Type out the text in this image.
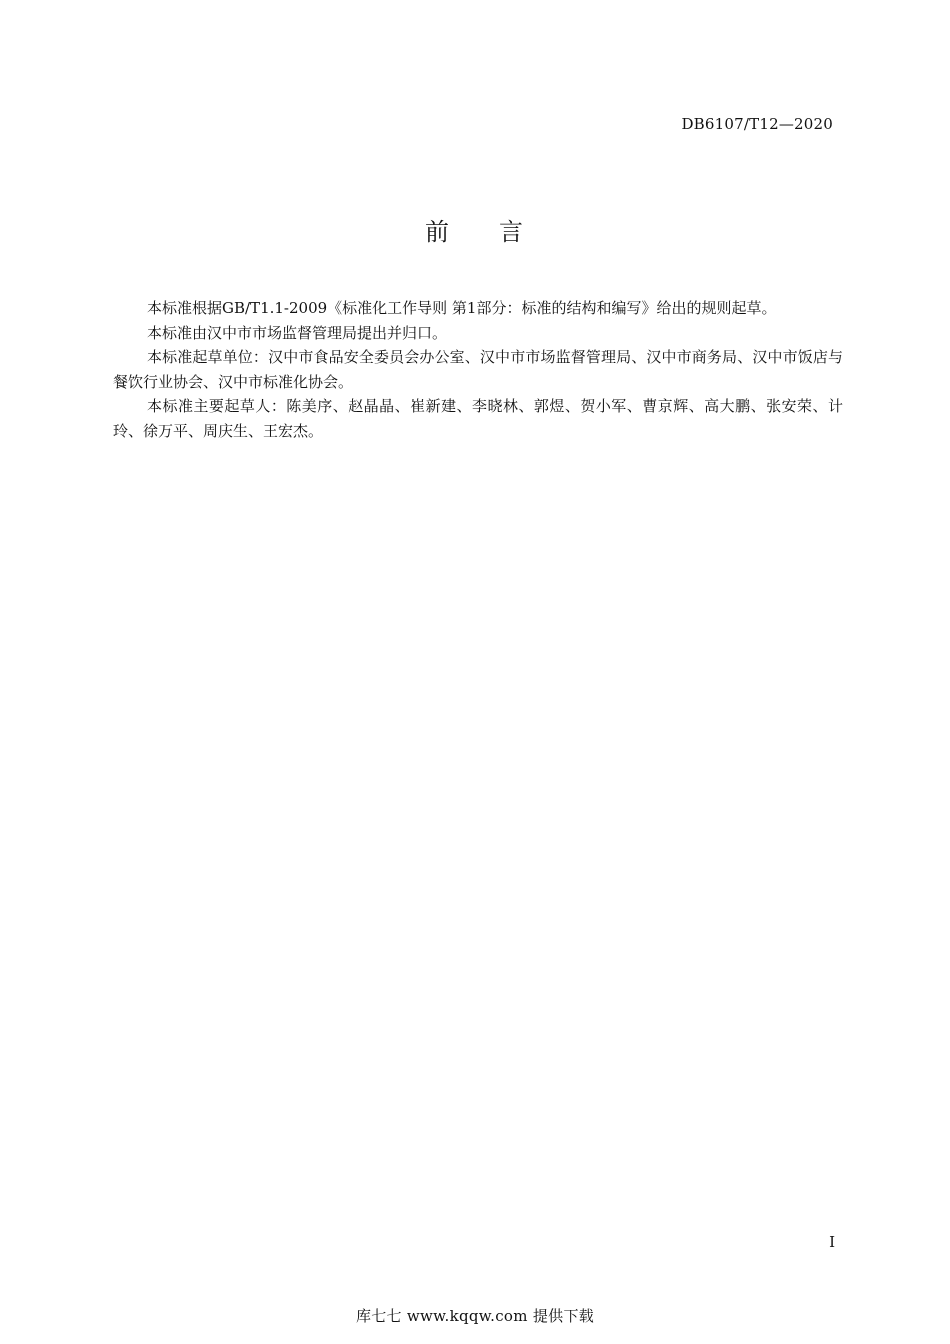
DB6107/T12—2020
前 言

本标准根据GB/T1.1-2009《标准化工作导则 第1部分：标准的结构和编写》给出的规则起草。

本标准由汉中市市场监督管理局提出并归口。

本标准起草单位：汉中市食品安全委员会办公室、汉中市市场监督管理局、汉中市商务局、汉中市饭店与餐饮行业协会、汉中市标准化协会。

本标准主要起草人：陈美序、赵晶晶、崔新建、李晓林、郭煜、贺小军、曹京辉、高大鹏、张安荣、计玲、徐万平、周庆生、王宏杰。

I
库七七 www.kqqw.com 提供下载
